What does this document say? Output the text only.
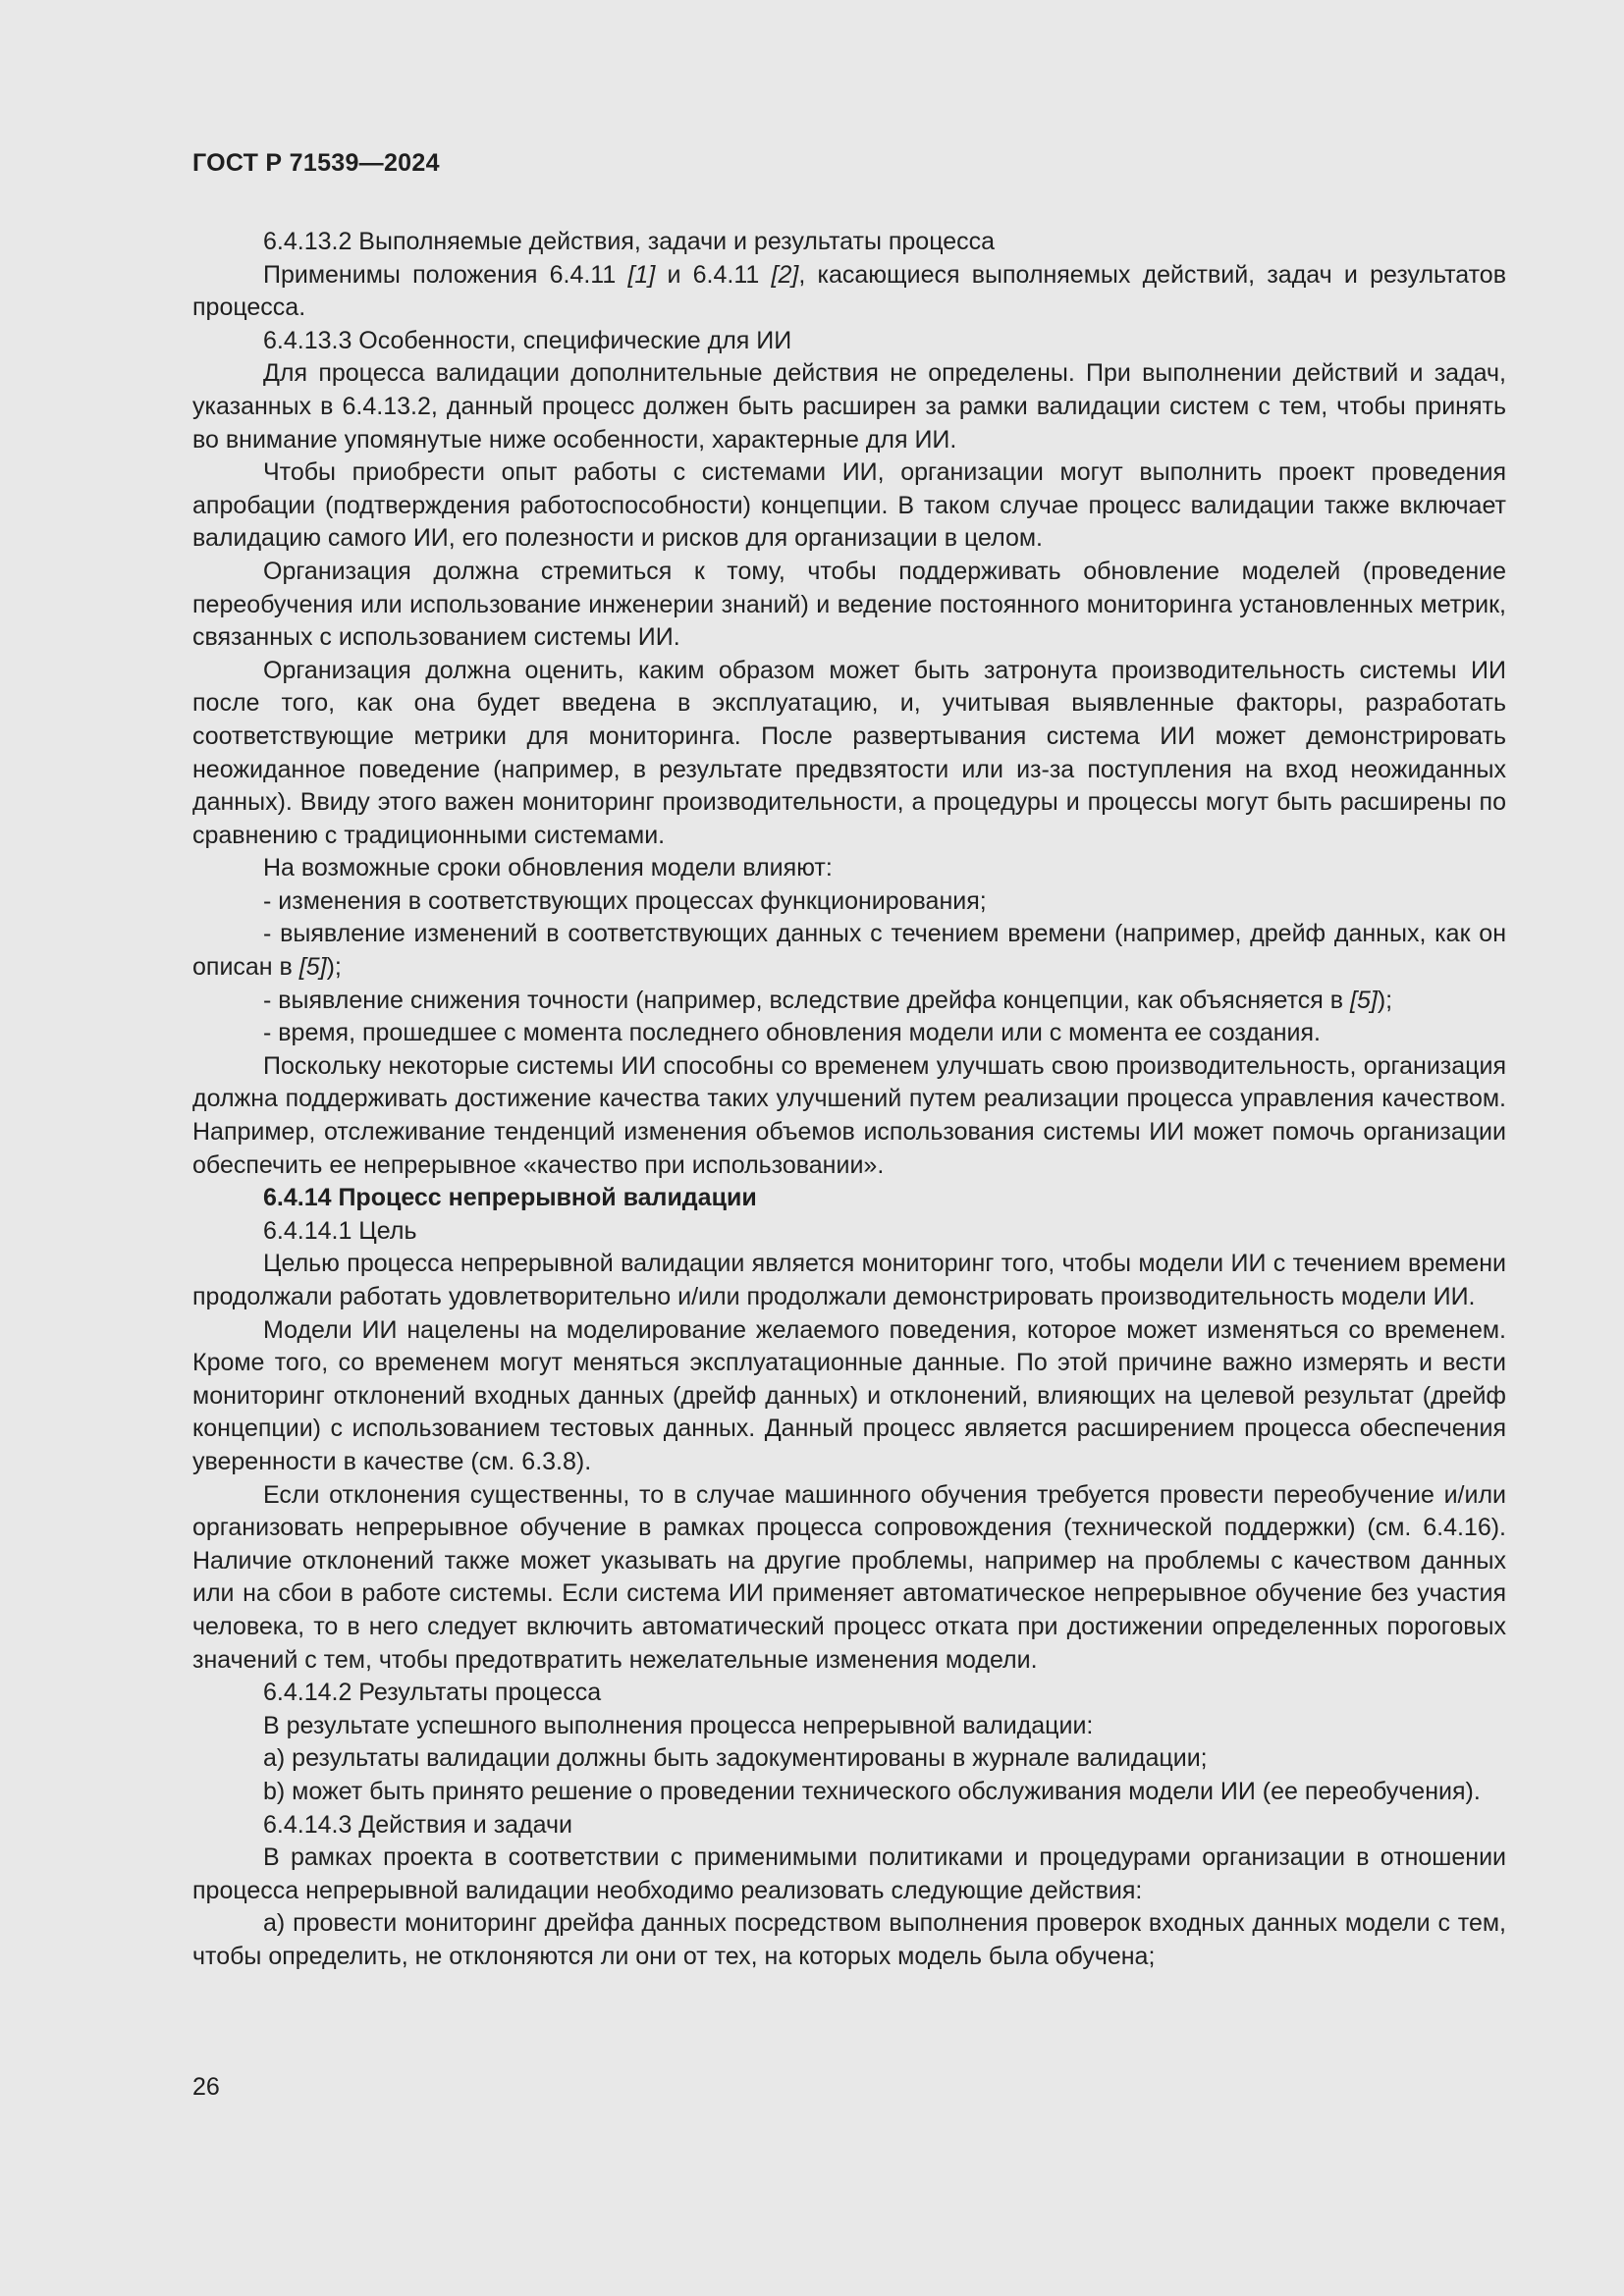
ГОСТ Р 71539—2024

6.4.13.2 Выполняемые действия, задачи и результаты процесса

Применимы положения 6.4.11 [1] и 6.4.11 [2], касающиеся выполняемых действий, задач и результатов процесса.

6.4.13.3 Особенности, специфические для ИИ

Для процесса валидации дополнительные действия не определены. При выполнении действий и задач, указанных в 6.4.13.2, данный процесс должен быть расширен за рамки валидации систем с тем, чтобы принять во внимание упомянутые ниже особенности, характерные для ИИ.

Чтобы приобрести опыт работы с системами ИИ, организации могут выполнить проект проведения апробации (подтверждения работоспособности) концепции. В таком случае процесс валидации также включает валидацию самого ИИ, его полезности и рисков для организации в целом.

Организация должна стремиться к тому, чтобы поддерживать обновление моделей (проведение переобучения или использование инженерии знаний) и ведение постоянного мониторинга установленных метрик, связанных с использованием системы ИИ.

Организация должна оценить, каким образом может быть затронута производительность системы ИИ после того, как она будет введена в эксплуатацию, и, учитывая выявленные факторы, разработать соответствующие метрики для мониторинга. После развертывания система ИИ может демонстрировать неожиданное поведение (например, в результате предвзятости или из-за поступления на вход неожиданных данных). Ввиду этого важен мониторинг производительности, а процедуры и процессы могут быть расширены по сравнению с традиционными системами.

На возможные сроки обновления модели влияют:

- изменения в соответствующих процессах функционирования;

- выявление изменений в соответствующих данных с течением времени (например, дрейф данных, как он описан в [5]);

- выявление снижения точности (например, вследствие дрейфа концепции, как объясняется в [5]);

- время, прошедшее с момента последнего обновления модели или с момента ее создания.

Поскольку некоторые системы ИИ способны со временем улучшать свою производительность, организация должна поддерживать достижение качества таких улучшений путем реализации процесса управления качеством. Например, отслеживание тенденций изменения объемов использования системы ИИ может помочь организации обеспечить ее непрерывное «качество при использовании».

6.4.14 Процесс непрерывной валидации

6.4.14.1 Цель

Целью процесса непрерывной валидации является мониторинг того, чтобы модели ИИ с течением времени продолжали работать удовлетворительно и/или продолжали демонстрировать производительность модели ИИ.

Модели ИИ нацелены на моделирование желаемого поведения, которое может изменяться со временем. Кроме того, со временем могут меняться эксплуатационные данные. По этой причине важно измерять и вести мониторинг отклонений входных данных (дрейф данных) и отклонений, влияющих на целевой результат (дрейф концепции) с использованием тестовых данных. Данный процесс является расширением процесса обеспечения уверенности в качестве (см. 6.3.8).

Если отклонения существенны, то в случае машинного обучения требуется провести переобучение и/или организовать непрерывное обучение в рамках процесса сопровождения (технической поддержки) (см. 6.4.16). Наличие отклонений также может указывать на другие проблемы, например на проблемы с качеством данных или на сбои в работе системы. Если система ИИ применяет автоматическое непрерывное обучение без участия человека, то в него следует включить автоматический процесс отката при достижении определенных пороговых значений с тем, чтобы предотвратить нежелательные изменения модели.

6.4.14.2 Результаты процесса

В результате успешного выполнения процесса непрерывной валидации:

a) результаты валидации должны быть задокументированы в журнале валидации;

b) может быть принято решение о проведении технического обслуживания модели ИИ (ее переобучения).

6.4.14.3 Действия и задачи

В рамках проекта в соответствии с применимыми политиками и процедурами организации в отношении процесса непрерывной валидации необходимо реализовать следующие действия:

a) провести мониторинг дрейфа данных посредством выполнения проверок входных данных модели с тем, чтобы определить, не отклоняются ли они от тех, на которых модель была обучена;

26
